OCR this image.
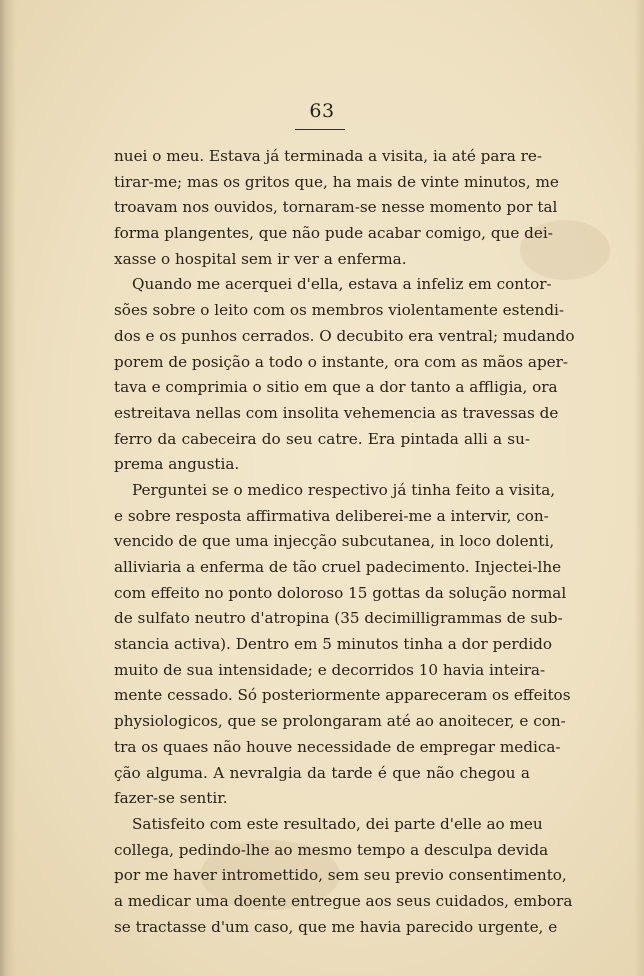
63
nuei o meu. Estava já terminada a visita, ia até para re-
tirar-me; mas os gritos que, ha mais de vinte minutos, me
troavam nos ouvidos, tornaram-se nesse momento por tal
forma plangentes, que não pude acabar comigo, que dei-
xasse o hospital sem ir ver a enferma.
Quando me acerquei d'ella, estava a infeliz em contor-
sões sobre o leito com os membros violentamente estendi-
dos e os punhos cerrados. O decubito era ventral; mudando
porem de posição a todo o instante, ora com as mãos aper-
tava e comprimia o sitio em que a dor tanto a affligia, ora
estreitava nellas com insolita vehemencia as travessas de
ferro da cabeceira do seu catre. Era pintada alli a su-
prema angustia.
Perguntei se o medico respectivo já tinha feito a visita,
e sobre resposta affirmativa deliberei-me a intervir, con-
vencido de que uma injecção subcutanea, in loco dolenti,
alliviaria a enferma de tão cruel padecimento. Injectei-lhe
com effeito no ponto doloroso 15 gottas da solução normal
de sulfato neutro d'atropina (35 decimilligrammas de sub-
stancia activa). Dentro em 5 minutos tinha a dor perdido
muito de sua intensidade; e decorridos 10 havia inteira-
mente cessado. Só posteriormente appareceram os effeitos
physiologicos, que se prolongaram até ao anoitecer, e con-
tra os quaes não houve necessidade de empregar medica-
ção alguma. A nevralgia da tarde é que não chegou a
fazer-se sentir.
Satisfeito com este resultado, dei parte d'elle ao meu
collega, pedindo-lhe ao mesmo tempo a desculpa devida
por me haver intromettido, sem seu previo consentimento,
a medicar uma doente entregue aos seus cuidados, embora
se tractasse d'um caso, que me havia parecido urgente, e
